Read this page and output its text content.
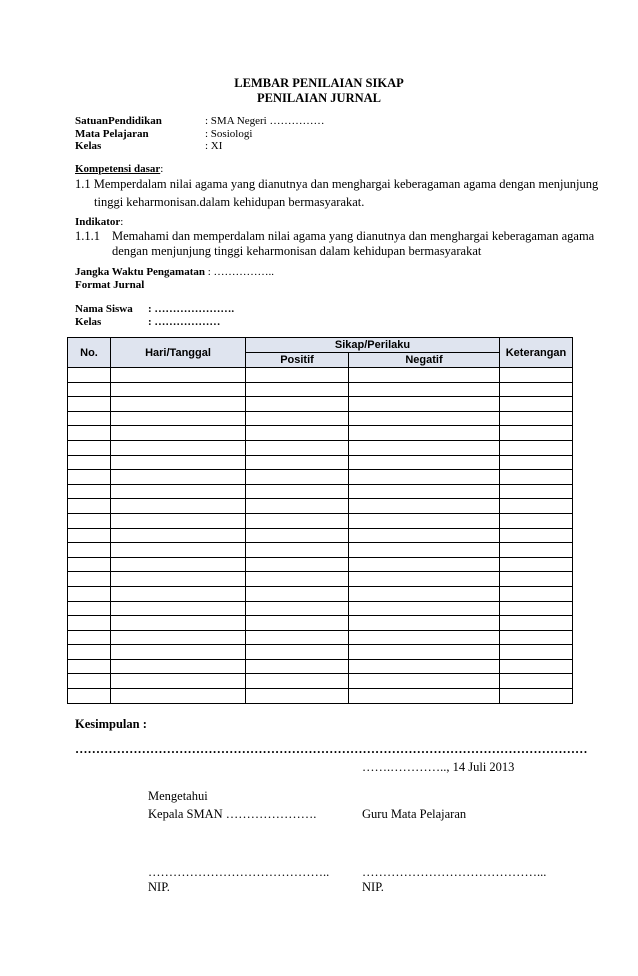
LEMBAR PENILAIAN SIKAP
PENILAIAN JURNAL
SatuanPendidikan	: SMA Negeri ……………
Mata Pelajaran	: Sosiologi
Kelas	: XI
Kompetensi dasar:
1.1 Memperdalam nilai agama yang dianutnya dan menghargai keberagaman agama dengan menjunjung
tinggi keharmonisan.dalam kehidupan bermasyarakat.
Indikator:
1.1.1 Memahami dan memperdalam nilai agama yang dianutnya dan menghargai keberagaman agama
dengan menjunjung tinggi keharmonisan dalam kehidupan bermasyarakat
Jangka Waktu Pengamatan : ……………..
Format Jurnal
Nama Siswa : ………………….
Kelas	: ………………
No.	Hari/Tanggal	Sikap/Perilaku		Keterangan
		Positif	Negatif	

Kesimpulan :
……………………………………………………………………………………………………………
…….………….., 14 Juli 2013
Mengetahui
Kepala SMAN ………………….	Guru Mata Pelajaran
……………………………………..	……………………………………...
NIP.	NIP.
